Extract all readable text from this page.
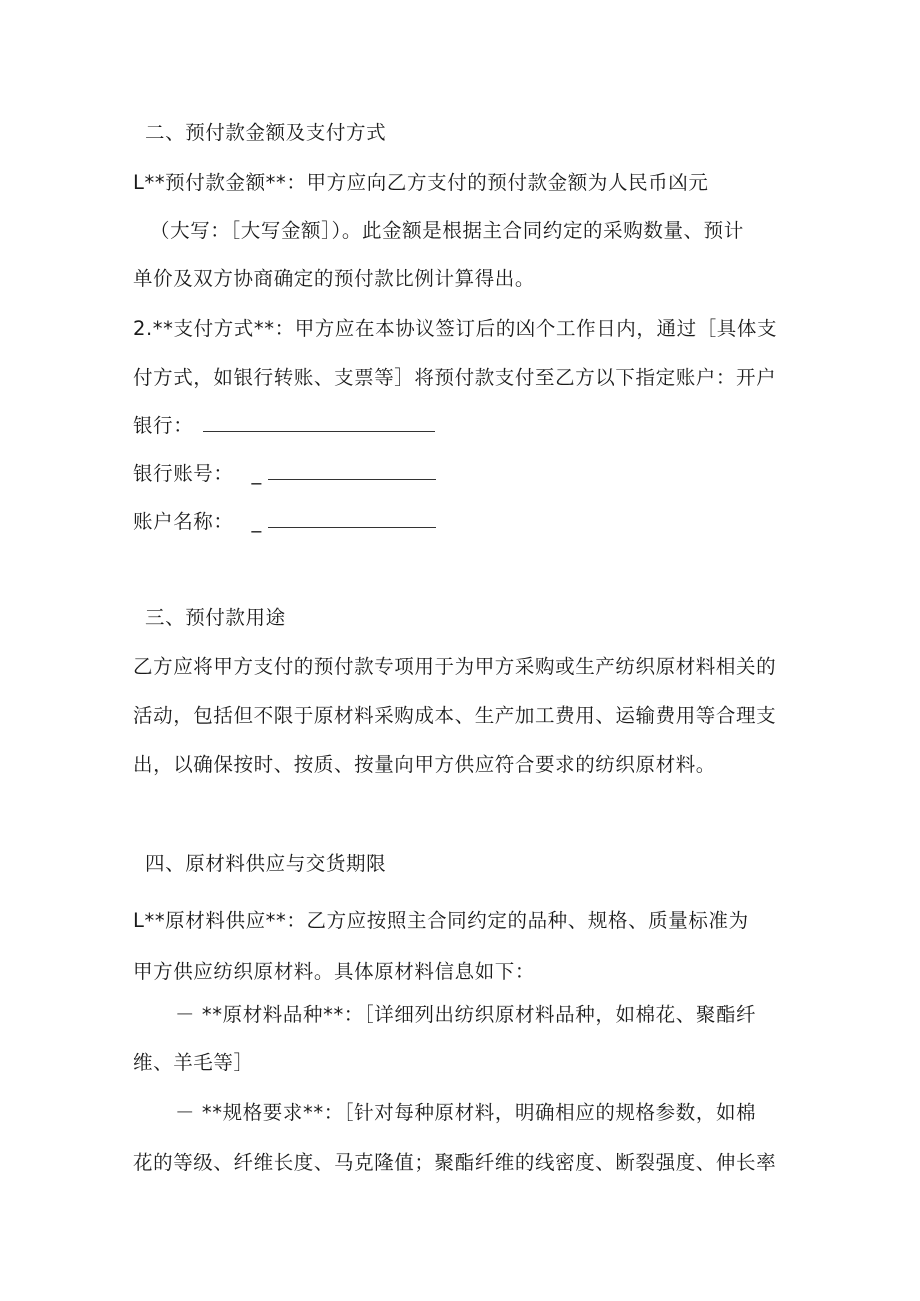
二、预付款金额及支付方式
L**预付款金额**：甲方应向乙方支付的预付款金额为人民币凶元
（大写：［大写金额］）。此金额是根据主合同约定的采购数量、预计
单价及双方协商确定的预付款比例计算得出。
2.**支付方式**：甲方应在本协议签订后的凶个工作日内，通过［具体支
付方式，如银行转账、支票等］将预付款支付至乙方以下指定账户：开户
银行：
银行账号： _
账户名称： _
三、预付款用途
乙方应将甲方支付的预付款专项用于为甲方采购或生产纺织原材料相关的
活动，包括但不限于原材料采购成本、生产加工费用、运输费用等合理支
出，以确保按时、按质、按量向甲方供应符合要求的纺织原材料。
四、原材料供应与交货期限
L**原材料供应**：乙方应按照主合同约定的品种、规格、质量标准为
甲方供应纺织原材料。具体原材料信息如下：
－ **原材料品种**：［详细列出纺织原材料品种，如棉花、聚酯纤
维、羊毛等］
－ **规格要求**：［针对每种原材料，明确相应的规格参数，如棉
花的等级、纤维长度、马克隆值；聚酯纤维的线密度、断裂强度、伸长率
